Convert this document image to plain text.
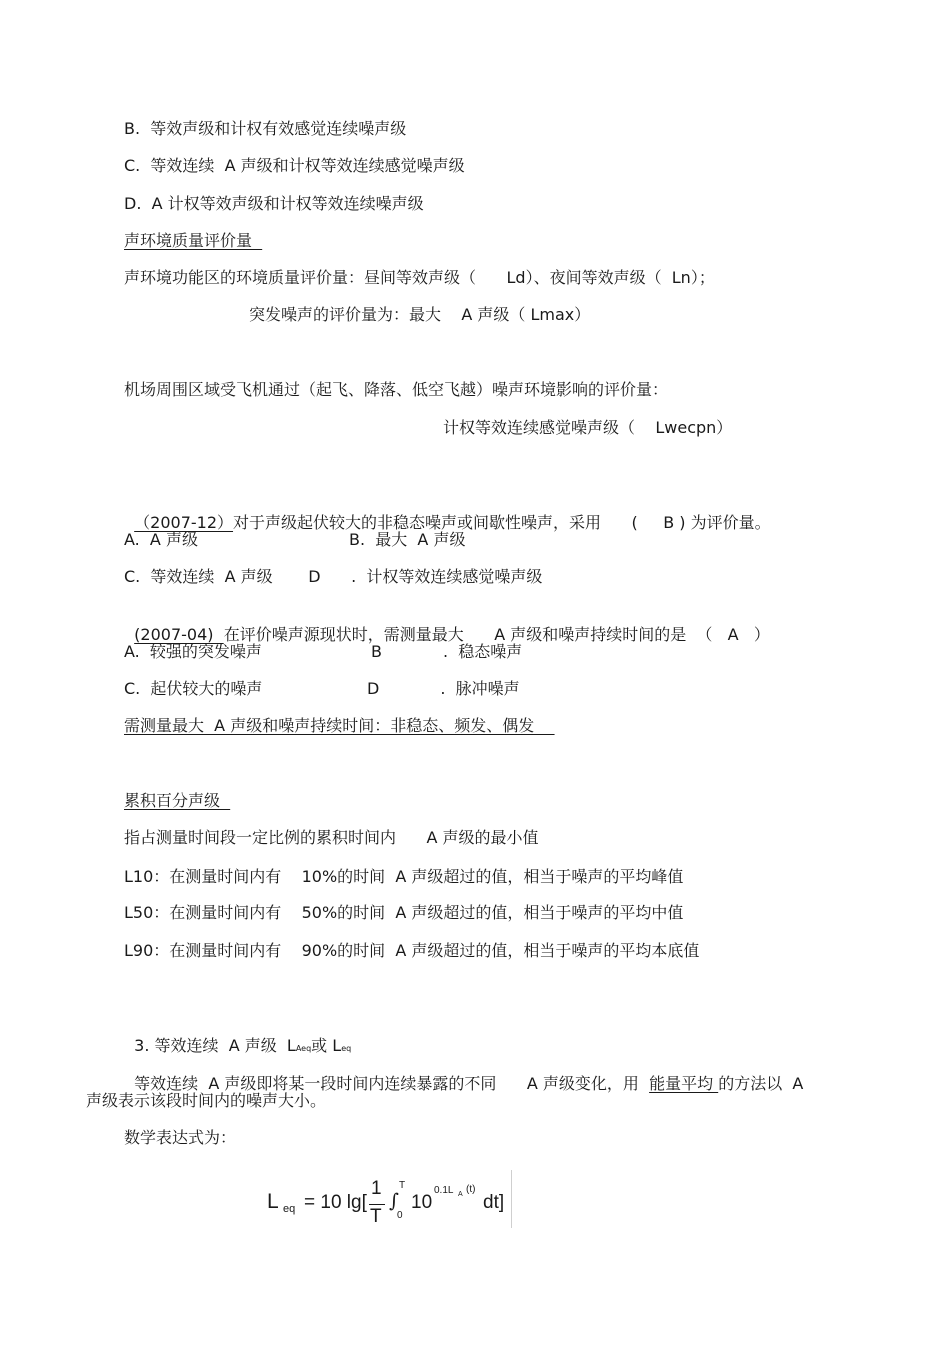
B.  等效声级和计权有效感觉连续噪声级
C.  等效连续  A 声级和计权等效连续感觉噪声级
D.  A 计权等效声级和计权等效连续噪声级
声环境质量评价量
声环境功能区的环境质量评价量：昼间等效声级（      Ld）、夜间等效声级（  Ln）；
突发噪声的评价量为：最大    A 声级（ Lmax）
机场周围区域受飞机通过（起飞、降落、低空飞越）噪声环境影响的评价量：
计权等效连续感觉噪声级（    Lwecpn）

（2007-12）对于声级起伏较大的非稳态噪声或间歇性噪声，采用      (     B ) 为评价量。

A.  A 声级	B.  最大  A 声级
C.  等效连续  A 声级       D      .  计权等效连续感觉噪声级

(2007-04)  在评价噪声源现状时，需测量最大      A 声级和噪声持续时间的是  （   A   ）

A.  较强的突发噪声	B            .  稳态噪声
C.  起伏较大的噪声	D            .  脉冲噪声
需测量最大  A 声级和噪声持续时间：非稳态、频发、偶发
累积百分声级
指占测量时间段一定比例的累积时间内      A 声级的最小值
L10：在测量时间内有    10%的时间  A 声级超过的值，相当于噪声的平均峰值
L50：在测量时间内有    50%的时间  A 声级超过的值，相当于噪声的平均中值
L90：在测量时间内有    90%的时间  A 声级超过的值，相当于噪声的平均本底值

3. 等效连续  A 声级  LAeq或 Leq

等效连续  A 声级即将某一段时间内连续暴露的不同      A 声级变化，用  能量平均 的方法以  A

声级表示该段时间内的噪声大小。
数学表达式为：
L eq = 10 lg[
1
T
∫
T
0
10
0.1L A (t)
dt]
